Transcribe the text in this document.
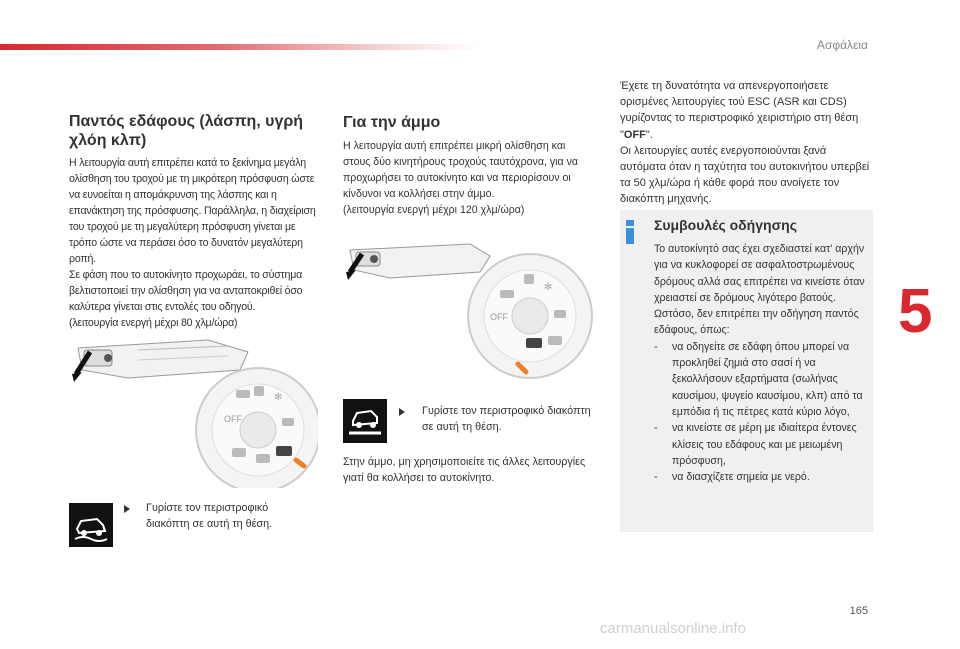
Ασφάλεια
5
Παντός εδάφους (λάσπη, υγρή χλόη κλπ)

Η λειτουργία αυτή επιτρέπει κατά το ξεκίνημα μεγάλη ολίσθηση του τροχού με τη μικρότερη πρόσφυση ώστε να ευνοείται η απομάκρυνση της λάσπης και η επανάκτηση της πρόσφυσης. Παράλληλα, η διαχείριση του τροχού με τη μεγαλύτερη πρόσφυση γίνεται με τρόπο ώστε να περάσει όσο το δυνατόν μεγαλύτερη ροπή.

Σε φάση που το αυτοκίνητο προχωράει, το σύστημα βελτιστοποιεί την ολίσθηση για να ανταποκριθεί όσο καλύτερα γίνεται στις εντολές του οδηγού.

(λειτουργία ενεργή μέχρι 80 χλμ/ώρα)

OFF
✻
Γυρίστε τον περιστροφικό διακόπτη σε αυτή τη θέση.
Για την άμμο

Η λειτουργία αυτή επιτρέπει μικρή ολίσθηση και στους δύο κινητήρους τροχούς ταυτόχρονα, για να προχωρήσει το αυτοκίνητο και να περιορίσουν οι κίνδυνοι να κολλήσει στην άμμο.

(λειτουργία ενεργή μέχρι 120 χλμ/ώρα)

OFF
✻
Γυρίστε τον περιστροφικό διακόπτη σε αυτή τη θέση.
Στην άμμο, μη χρησιμοποιείτε τις άλλες λειτουργίες γιατί θα κολλήσει το αυτοκίνητο.

Έχετε τη δυνατότητα να απενεργοποιήσετε ορισμένες λειτουργίες τού ESC (ASR και CDS) γυρίζοντας το περιστροφικό χειριστήριο στη θέση "OFF".

Οι λειτουργίες αυτές ενεργοποιούνται ξανά αυτόματα όταν η ταχύτητα του αυτοκινήτου υπερβεί τα 50 χλμ/ώρα ή κάθε φορά που ανοίγετε τον διακόπτη μηχανής.

Συμβουλές οδήγησης

Το αυτοκίνητό σας έχει σχεδιαστεί κατ' αρχήν για να κυκλοφορεί σε ασφαλτοστρωμένους δρόμους αλλά σας επιτρέπει να κινείστε όταν χρειαστεί σε δρόμους λιγότερο βατούς. Ωστόσο, δεν επιτρέπει την οδήγηση παντός εδάφους, όπως:

- να οδηγείτε σε εδάφη όπου μπορεί να προκληθεί ζημιά στο σασί ή να ξεκολλήσουν εξαρτήματα (σωλήνας καυσίμου, ψυγείο καυσίμου, κλπ) από τα εμπόδια ή τις πέτρες κατά κύριο λόγο,
- να κινείστε σε μέρη με ιδιαίτερα έντονες κλίσεις του εδάφους και με μειωμένη πρόσφυση,
- να διασχίζετε σημεία με νερό.
165
carmanualsonline.info
